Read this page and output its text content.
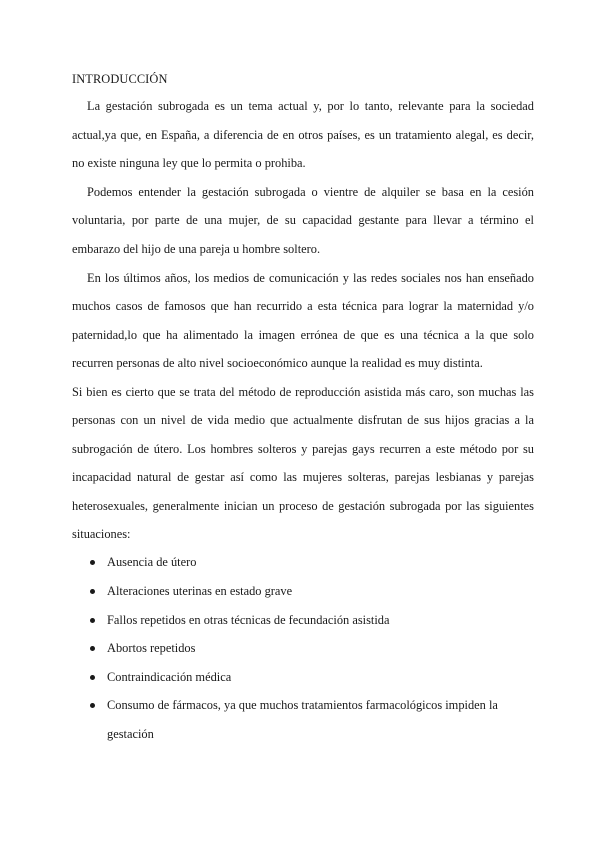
INTRODUCCIÓN

La gestación subrogada es un tema actual y, por lo tanto, relevante para la sociedad actual,ya que, en España, a diferencia de en otros países, es un tratamiento alegal, es decir, no existe ninguna ley que lo permita o prohiba.

Podemos entender la gestación subrogada o vientre de alquiler se basa en la cesión voluntaria, por parte de una mujer, de su capacidad gestante para llevar a término el embarazo del hijo de una pareja u hombre soltero.

En los últimos años, los medios de comunicación y las redes sociales nos han enseñado muchos casos de famosos que han recurrido a esta técnica para lograr la maternidad y/o paternidad,lo que ha alimentado la imagen errónea de que es una técnica a la que solo recurren personas de alto nivel socioeconómico aunque la realidad es muy distinta.

Si bien es cierto que se trata del método de reproducción asistida más caro, son muchas las personas con un nivel de vida medio que actualmente disfrutan de sus hijos gracias a la subrogación de útero. Los hombres solteros y parejas gays recurren a este método por su incapacidad natural de gestar así como las mujeres solteras, parejas lesbianas y parejas heterosexuales, generalmente inician un proceso de gestación subrogada por las siguientes situaciones:

Ausencia de útero
Alteraciones uterinas en estado grave
Fallos repetidos en otras técnicas de fecundación asistida
Abortos repetidos
Contraindicación médica
Consumo de fármacos, ya que muchos tratamientos farmacológicos impiden la gestación
